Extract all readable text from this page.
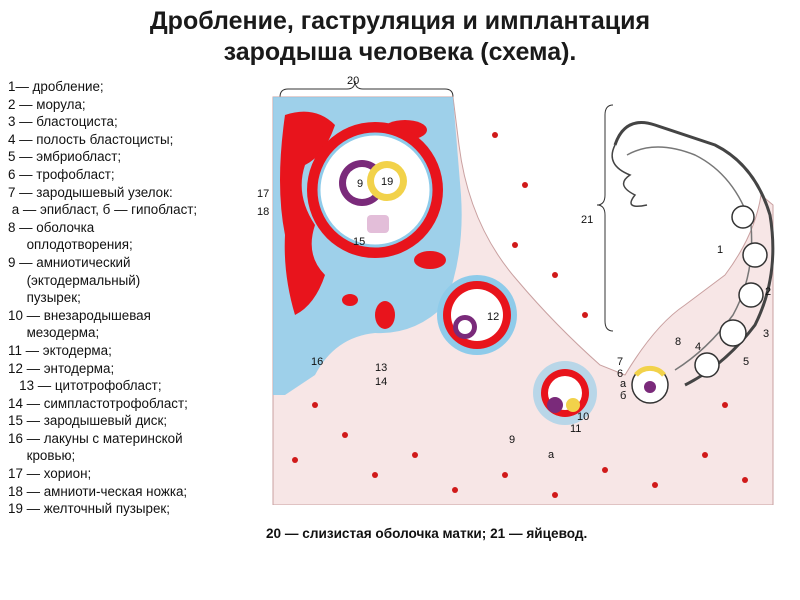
Дробление, гаструляция и имплантация
зародыша человека (схема).
1— дробление;
2 — морула;
3 — бластоциста;
4 — полость бластоцисты;
5 — эмбриобласт;
6 — трофобласт;
7 — зародышевый узелок:
а — эпибласт, б — гипобласт;
8 — оболочка
оплодотворения;
9 — амниотический
(эктодермальный)
пузырек;
10 — внезародышевая
мезодерма;
11 — эктодерма;
12 — энтодерма;
13 — цитотрофобласт;
14 — симпластотрофобласт;
15 — зародышевый диск;
16 — лакуны с материнской
кровью;
17 — хорион;
18 — амниоти-ческая ножка;
19 — желточный пузырек;
20
9 19
15
17
18
12
16	13
14
10
11
а
9
7
6
а
б
1
2
3
4
5
8
21
20 — слизистая оболочка матки; 21 — яйцевод.
